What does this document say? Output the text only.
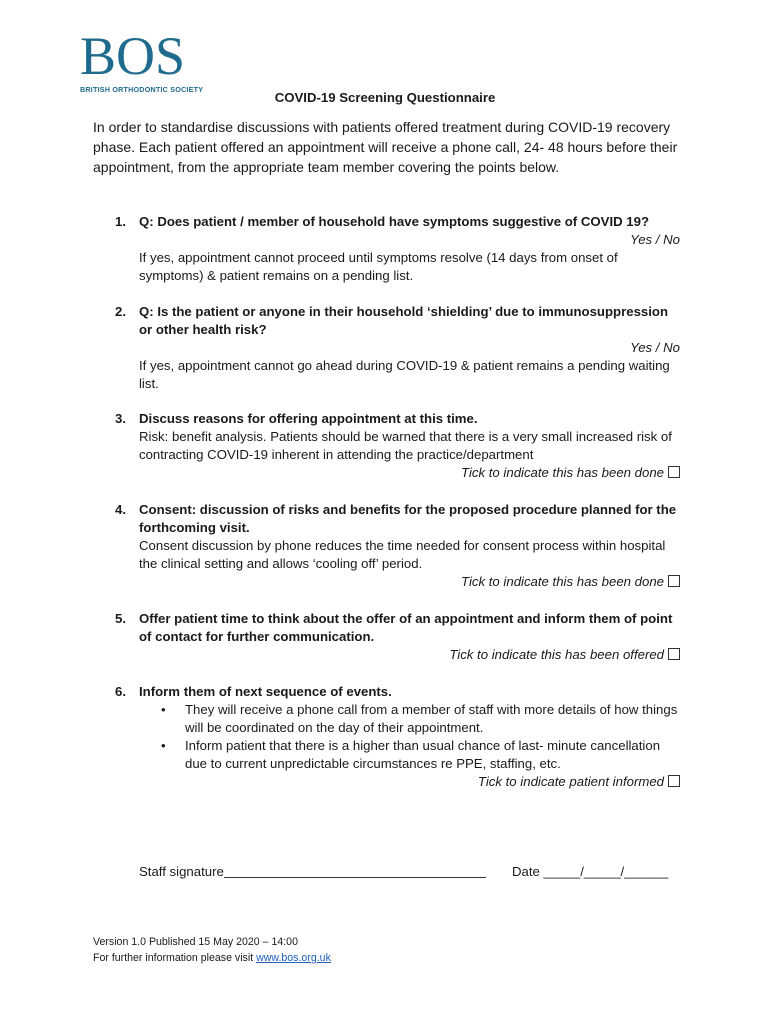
BOS
BRITISH ORTHODONTIC SOCIETY
COVID-19 Screening Questionnaire
In order to standardise discussions with patients offered treatment during COVID-19 recovery phase. Each patient offered an appointment will receive a phone call, 24- 48 hours before their appointment, from the appropriate team member covering the points below.
1. Q: Does patient / member of household have symptoms suggestive of COVID 19?
Yes / No
If yes, appointment cannot proceed until symptoms resolve (14 days from onset of symptoms) & patient remains on a pending list.
2. Q: Is the patient or anyone in their household ‘shielding’ due to immunosuppression or other health risk?
Yes / No
If yes, appointment cannot go ahead during COVID-19 & patient remains a pending waiting list.
3. Discuss reasons for offering appointment at this time.
Risk: benefit analysis. Patients should be warned that there is a very small increased risk of contracting COVID-19 inherent in attending the practice/department
Tick to indicate this has been done
4. Consent: discussion of risks and benefits for the proposed procedure planned for the forthcoming visit.
Consent discussion by phone reduces the time needed for consent process within hospital the clinical setting and allows ‘cooling off’ period.
Tick to indicate this has been done
5. Offer patient time to think about the offer of an appointment and inform them of point of contact for further communication.
Tick to indicate this has been offered
6. Inform them of next sequence of events.
• They will receive a phone call from a member of staff with more details of how things will be coordinated on the day of their appointment.
• Inform patient that there is a higher than usual chance of last- minute cancellation due to current unpredictable circumstances re PPE, staffing, etc.
Tick to indicate patient informed
Staff signature	Date _____/_____/______
Version 1.0 Published 15 May 2020 – 14:00
For further information please visit www.bos.org.uk
